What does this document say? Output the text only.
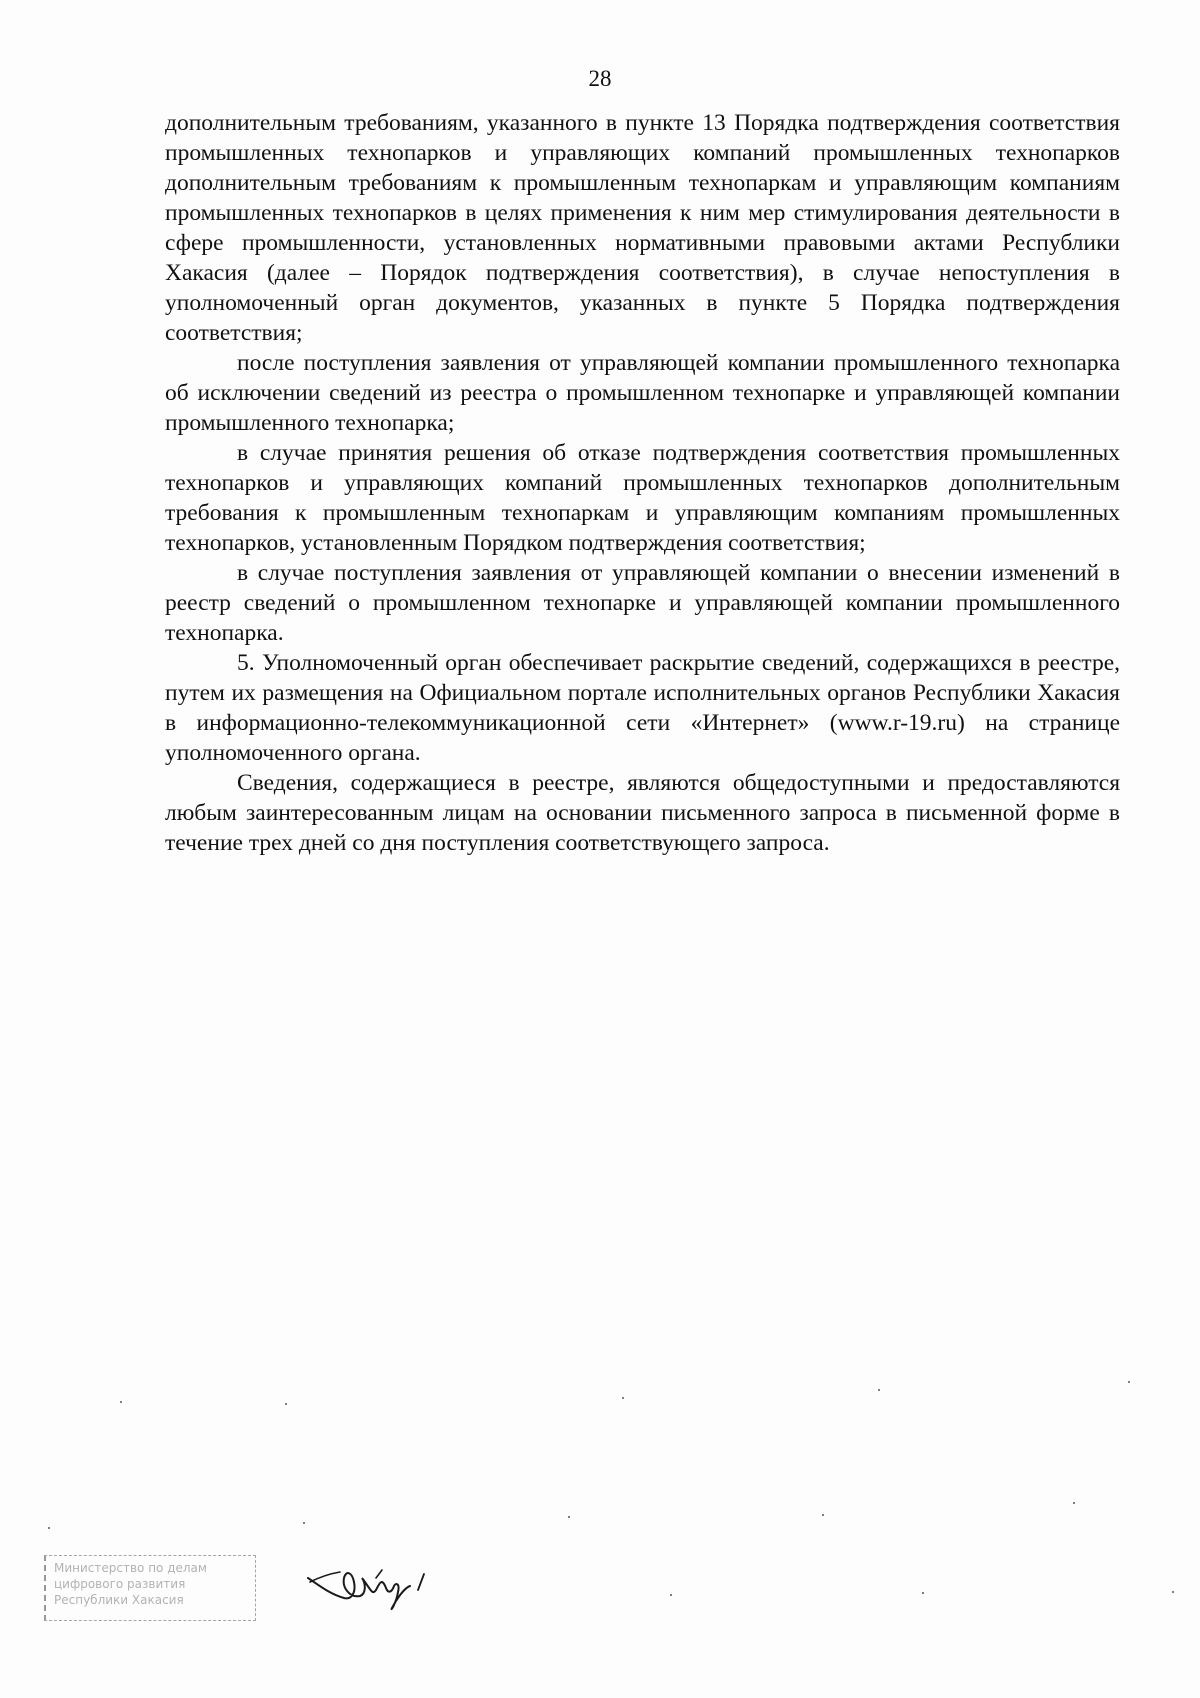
28

дополнительным требованиям, указанного в пункте 13 Порядка подтверждения соответствия промышленных технопарков и управляющих компаний промышленных технопарков дополнительным требованиям к промышленным технопаркам и управляющим компаниям промышленных технопарков в целях применения к ним мер стимулирования деятельности в сфере промышленности, установленных нормативными правовыми актами Республики Хакасия (далее – Порядок подтверждения соответствия), в случае непоступления в уполномоченный орган документов, указанных в пункте 5 Порядка подтверждения соответствия;

после поступления заявления от управляющей компании промышленного технопарка об исключении сведений из реестра о промышленном технопарке и управляющей компании промышленного технопарка;

в случае принятия решения об отказе подтверждения соответствия промышленных технопарков и управляющих компаний промышленных технопарков дополнительным требования к промышленным технопаркам и управляющим компаниям промышленных технопарков, установленным Порядком подтверждения соответствия;

в случае поступления заявления от управляющей компании о внесении изменений в реестр сведений о промышленном технопарке и управляющей компании промышленного технопарка.

5. Уполномоченный орган обеспечивает раскрытие сведений, содержащихся в реестре, путем их размещения на Официальном портале исполнительных органов Республики Хакасия в информационно-телекоммуникационной сети «Интернет» (www.r-19.ru) на странице уполномоченного органа.

Сведения, содержащиеся в реестре, являются общедоступными и предоставляются любым заинтересованным лицам на основании письменного запроса в письменной форме в течение трех дней со дня поступления соответствующего запроса.

Министерство по делам
цифрового развития
Республики Хакасия
